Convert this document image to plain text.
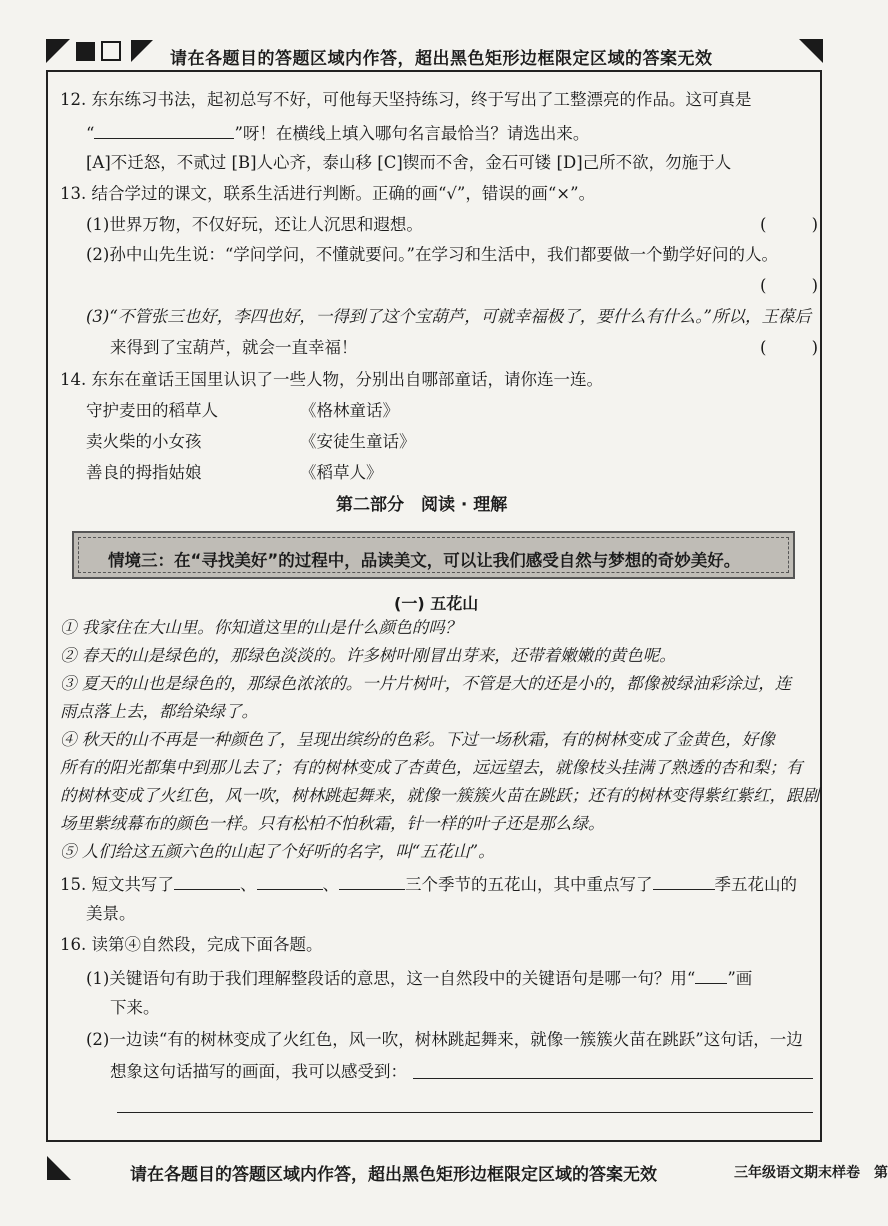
请在各题目的答题区域内作答，超出黑色矩形边框限定区域的答案无效
12. 东东练习书法，起初总写不好，可他每天坚持练习，终于写出了工整漂亮的作品。这可真是
“	”呀！在横线上填入哪句名言最恰当？请选出来。
[A]不迁怒，不贰过 [B]人心齐，泰山移 [C]锲而不舍，金石可镂 [D]己所不欲，勿施于人
13. 结合学过的课文，联系生活进行判断。正确的画“√”，错误的画“×”。
(1)世界万物，不仅好玩，还让人沉思和遐想。	( )
(2)孙中山先生说：“学问学问，不懂就要问。”在学习和生活中，我们都要做一个勤学好问的人。
( )
(3)“不管张三也好，李四也好，一得到了这个宝葫芦，可就幸福极了，要什么有什么。”所以，王葆后
来得到了宝葫芦，就会一直幸福！	( )
14. 东东在童话王国里认识了一些人物，分别出自哪部童话，请你连一连。
守护麦田的稻草人	《格林童话》
卖火柴的小女孩	《安徒生童话》
善良的拇指姑娘	《稻草人》
第二部分　阅读 · 理解
情境三：在“寻找美好”的过程中，品读美文，可以让我们感受自然与梦想的奇妙美好。
(一) 五花山
① 我家住在大山里。你知道这里的山是什么颜色的吗？
② 春天的山是绿色的，那绿色淡淡的。许多树叶刚冒出芽来，还带着嫩嫩的黄色呢。
③ 夏天的山也是绿色的，那绿色浓浓的。一片片树叶，不管是大的还是小的，都像被绿油彩涂过，连
雨点落上去，都给染绿了。
④ 秋天的山不再是一种颜色了，呈现出缤纷的色彩。下过一场秋霜，有的树林变成了金黄色，好像
所有的阳光都集中到那儿去了；有的树林变成了杏黄色，远远望去，就像枝头挂满了熟透的杏和梨；有
的树林变成了火红色，风一吹，树林跳起舞来，就像一簇簇火苗在跳跃；还有的树林变得紫红紫红，跟剧
场里紫绒幕布的颜色一样。只有松柏不怕秋霜，针一样的叶子还是那么绿。
⑤ 人们给这五颜六色的山起了个好听的名字，叫“五花山”。
15. 短文共写了	、	、	三个季节的五花山，其中重点写了	季五花山的
美景。
16. 读第④自然段，完成下面各题。
(1)关键语句有助于我们理解整段话的意思，这一自然段中的关键语句是哪一句？用“ ”画
下来。
(2)一边读“有的树林变成了火红色，风一吹，树林跳起舞来，就像一簇簇火苗在跳跃”这句话，一边
想象这句话描写的画面，我可以感受到：
请在各题目的答题区域内作答，超出黑色矩形边框限定区域的答案无效	三年级语文期末样卷　第
